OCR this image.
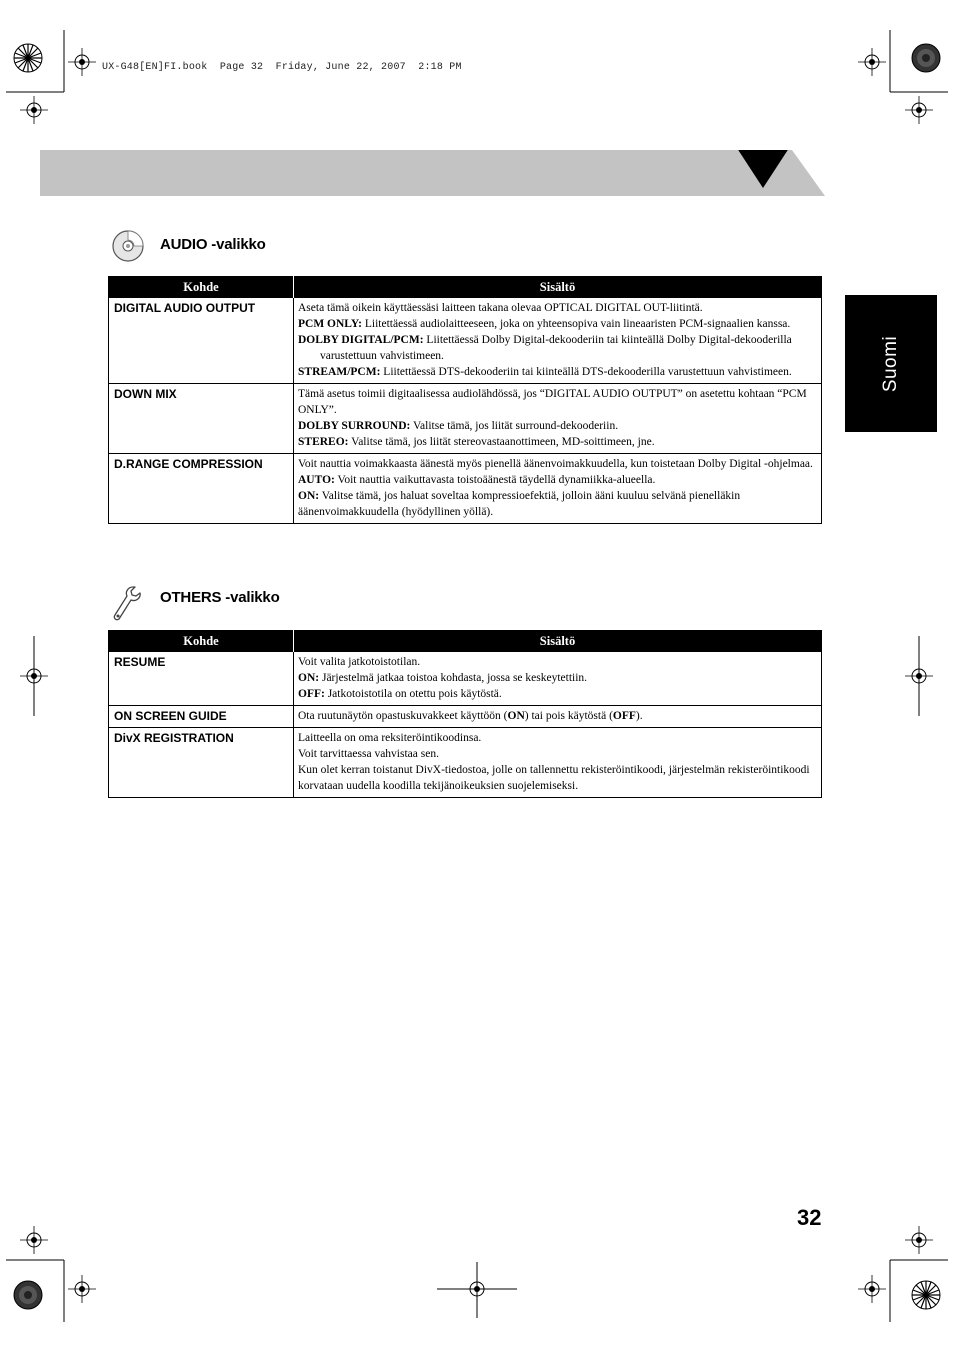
UX-G48[EN]FI.book  Page 32  Friday, June 22, 2007  2:18 PM
Suomi
AUDIO -valikko
Kohde	Sisältö
DIGITAL AUDIO OUTPUT	Aseta tämä oikein käyttäessäsi laitteen takana olevaa OPTICAL DIGITAL OUT-liitintä.
PCM ONLY: Liitettäessä audiolaitteeseen, joka on yhteensopiva vain lineaaristen PCM-signaalien kanssa.
DOLBY DIGITAL/PCM: Liitettäessä Dolby Digital-dekooderiin tai kiinteällä Dolby Digital-dekooderilla varustettuun vahvistimeen.
STREAM/PCM: Liitettäessä DTS-dekooderiin tai kiinteällä DTS-dekooderilla varustettuun vahvistimeen.

DOWN MIX	Tämä asetus toimii digitaalisessa audiolähdössä, jos “DIGITAL AUDIO OUTPUT” on asetettu kohtaan “PCM ONLY”.
DOLBY SURROUND: Valitse tämä, jos liität surround-dekooderiin.
STEREO: Valitse tämä, jos liität stereovastaanottimeen, MD-soittimeen, jne.

D.RANGE COMPRESSION	Voit nauttia voimakkaasta äänestä myös pienellä äänenvoimakkuudella, kun toistetaan Dolby Digital -ohjelmaa.
AUTO: Voit nauttia vaikuttavasta toistoäänestä täydellä dynamiikka-alueella.
ON: Valitse tämä, jos haluat soveltaa kompressioefektiä, jolloin ääni kuuluu selvänä pienelläkin äänenvoimakkuudella (hyödyllinen yöllä).
OTHERS -valikko
Kohde	Sisältö
RESUME	Voit valita jatkotoistotilan.
ON: Järjestelmä jatkaa toistoa kohdasta, jossa se keskeytettiin.
OFF: Jatkotoistotila on otettu pois käytöstä.

ON SCREEN GUIDE	Ota ruutunäytön opastuskuvakkeet käyttöön (ON) tai pois käytöstä (OFF).

DivX REGISTRATION	Laitteella on oma reksiteröintikoodinsa.
Voit tarvittaessa vahvistaa sen.
Kun olet kerran toistanut DivX-tiedostoa, jolle on tallennettu rekisteröintikoodi, järjestelmän rekisteröintikoodi korvataan uudella koodilla tekijänoikeuksien suojelemiseksi.
32
